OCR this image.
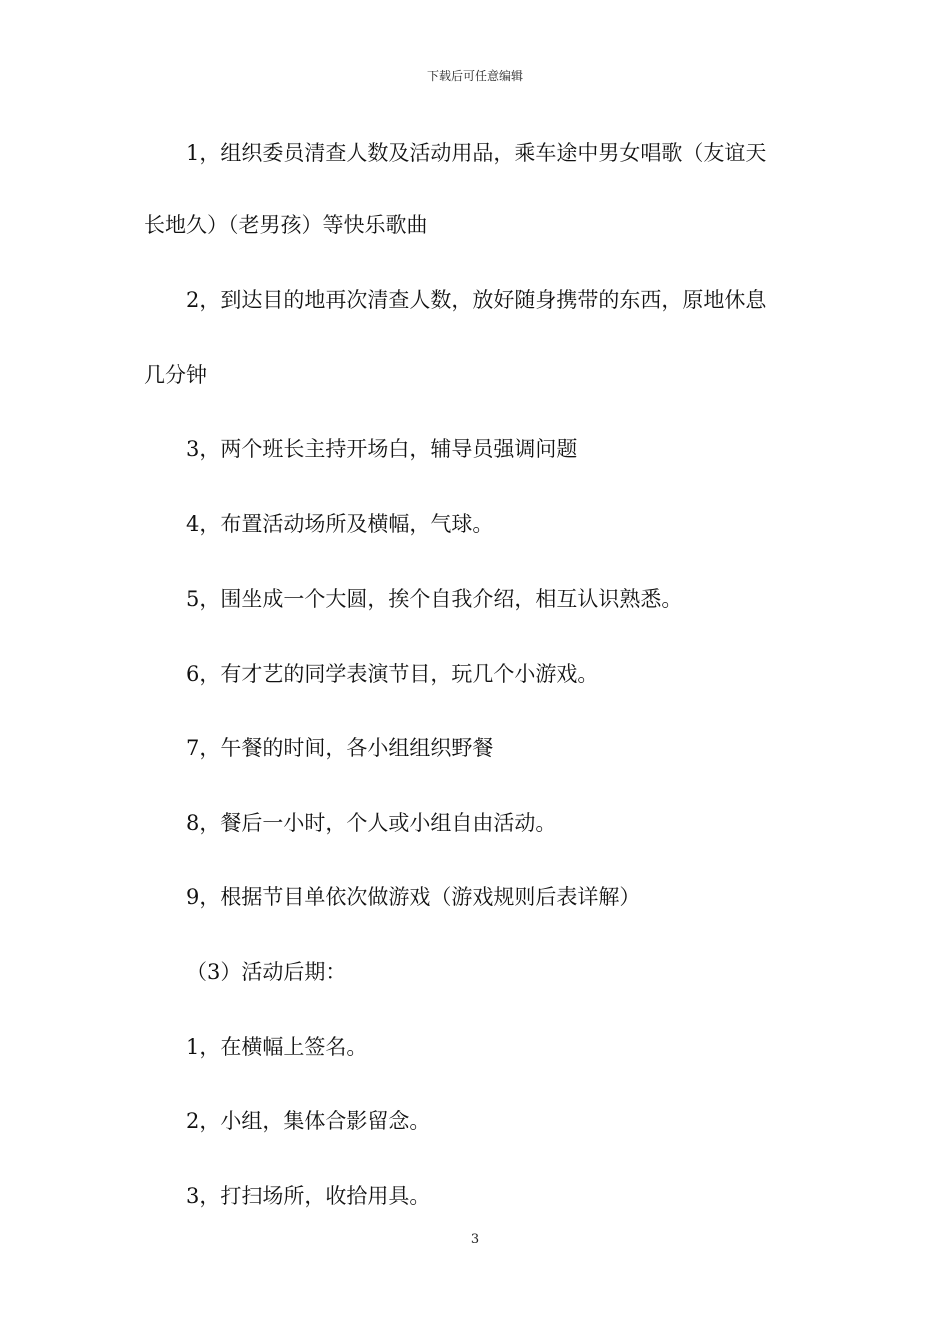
下载后可任意编辑
1，组织委员清查人数及活动用品，乘车途中男女唱歌（友谊天
长地久）（老男孩）等快乐歌曲
2，到达目的地再次清查人数，放好随身携带的东西，原地休息
几分钟
3，两个班长主持开场白，辅导员强调问题
4，布置活动场所及横幅，气球。
5，围坐成一个大圆，挨个自我介绍，相互认识熟悉。
6，有才艺的同学表演节目，玩几个小游戏。
7，午餐的时间，各小组组织野餐
8，餐后一小时，个人或小组自由活动。
9，根据节目单依次做游戏（游戏规则后表详解）
（3）活动后期：
1，在横幅上签名。
2，小组，集体合影留念。
3，打扫场所，收拾用具。
3
